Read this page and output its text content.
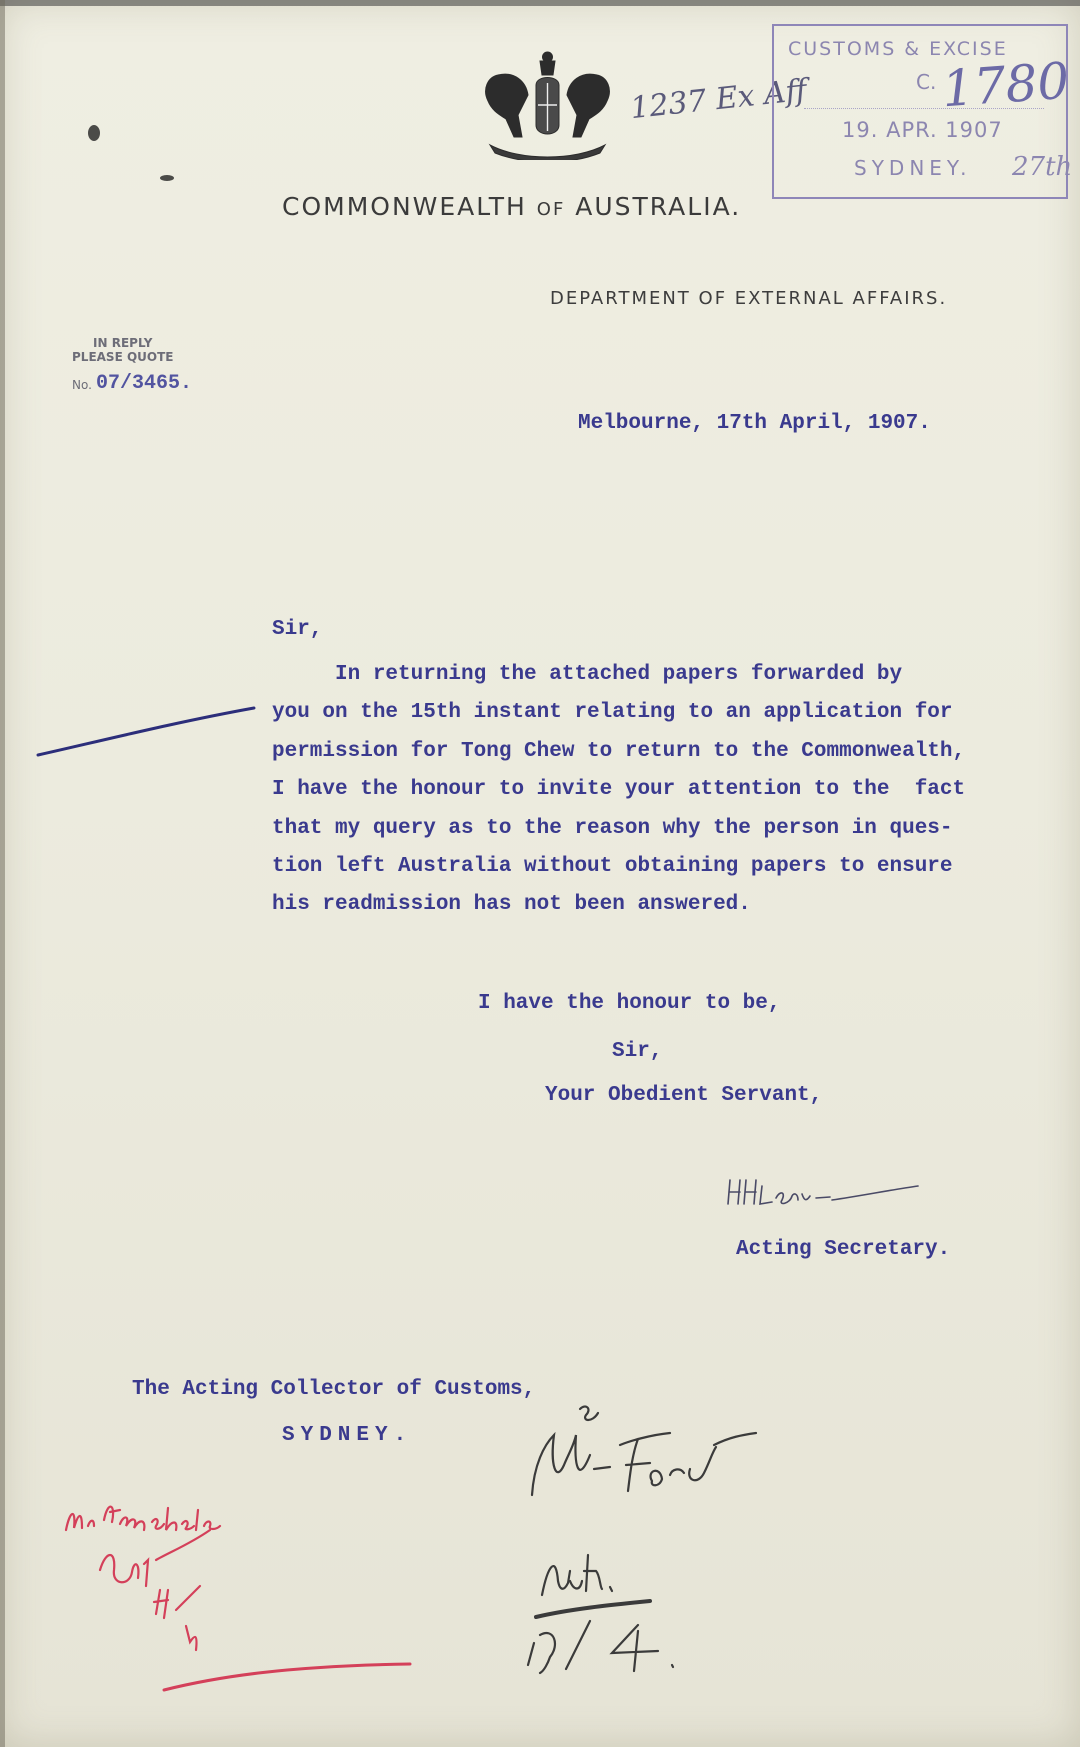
1237 Ex Aff
CUSTOMS & EXCISE
C. 1780
19. APR. 1907
SYDNEY. 27th
COMMONWEALTH OF AUSTRALIA.
DEPARTMENT OF EXTERNAL AFFAIRS.
IN REPLY
PLEASE QUOTE
No. 07/3465.
Melbourne, 17th April, 1907.
Sir,
In returning the attached papers forwarded by
you on the 15th instant relating to an application for
permission for Tong Chew to return to the Commonwealth,
I have the honour to invite your attention to the  fact
that my query as to the reason why the person in ques-
tion left Australia without obtaining papers to ensure
his readmission has not been answered.
I have the honour to be,
Sir,
Your Obedient Servant,
Acting Secretary.
The Acting Collector of Customs,
SYDNEY.
